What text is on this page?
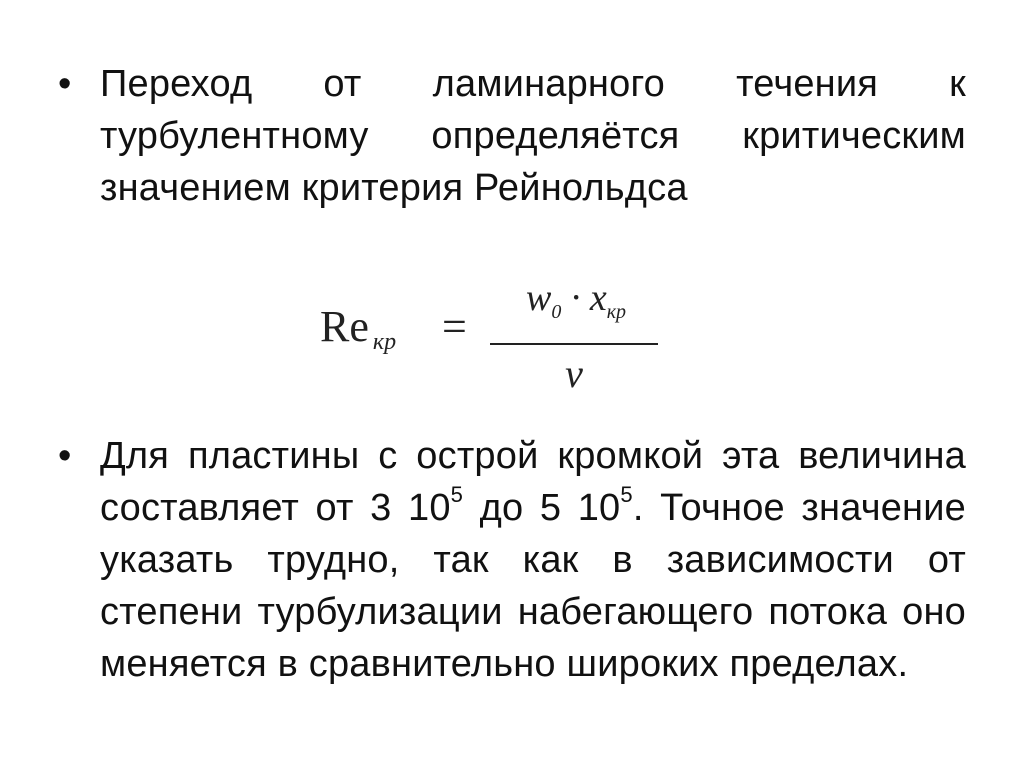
• Переход от ламинарного течения к турбулентному определяётся критическим значением критерия Рейнольдса
Re кр =
$w_0 \cdot x_{кр}$
ν
• Для пластины с острой кромкой эта величина составляет от 3 $10^5$ до 5 $10^5$. Точное значение указать трудно, так как в зависимости от степени турбулизации набегающего потока оно меняется в сравнительно широких пределах.
